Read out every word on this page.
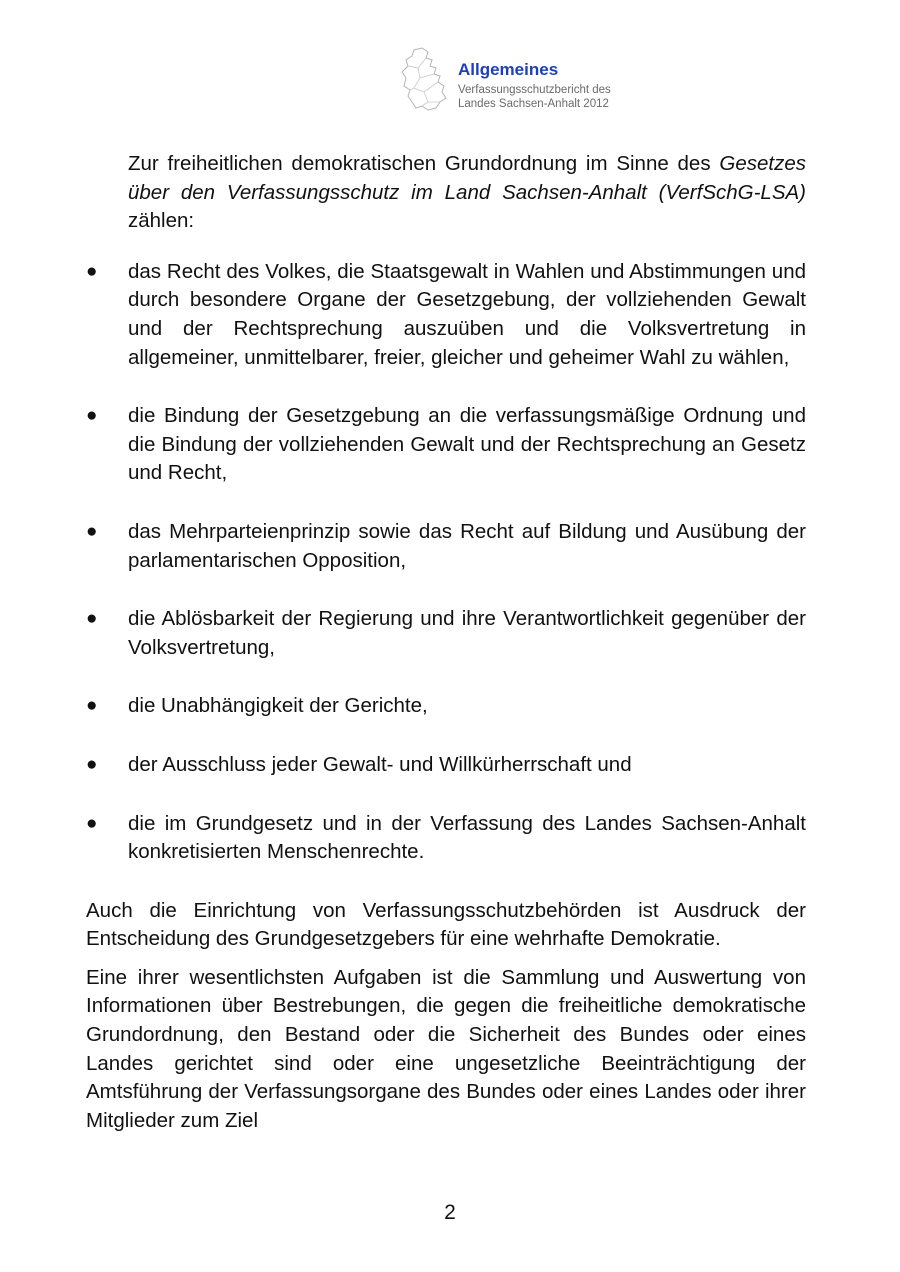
Allgemeines
Verfassungsschutzbericht des
Landes Sachsen-Anhalt 2012

Zur freiheitlichen demokratischen Grundordnung im Sinne des Gesetzes über den Verfassungsschutz im Land Sachsen-Anhalt (VerfSchG-LSA) zählen:

● das Recht des Volkes, die Staatsgewalt in Wahlen und Abstimmungen und durch besondere Organe der Gesetzgebung, der vollziehenden Gewalt und der Rechtsprechung auszuüben und die Volksvertretung in allgemeiner, unmittelbarer, freier, gleicher und geheimer Wahl zu wählen,
● die Bindung der Gesetzgebung an die verfassungsmäßige Ordnung und die Bindung der vollziehenden Gewalt und der Rechtsprechung an Gesetz und Recht,
● das Mehrparteienprinzip sowie das Recht auf Bildung und Ausübung der parlamentarischen Opposition,
● die Ablösbarkeit der Regierung und ihre Verantwortlichkeit gegenüber der Volksvertretung,
● die Unabhängigkeit der Gerichte,
● der Ausschluss jeder Gewalt- und Willkürherrschaft und
● die im Grundgesetz und in der Verfassung des Landes Sachsen-Anhalt konkretisierten Menschenrechte.

Auch die Einrichtung von Verfassungsschutzbehörden ist Ausdruck der Entscheidung des Grundgesetzgebers für eine wehrhafte Demokratie.

Eine ihrer wesentlichsten Aufgaben ist die Sammlung und Auswertung von Informationen über Bestrebungen, die gegen die freiheitliche demokratische Grundordnung, den Bestand oder die Sicherheit des Bundes oder eines Landes gerichtet sind oder eine ungesetzliche Beeinträchtigung der Amtsführung der Verfassungsorgane des Bundes oder eines Landes oder ihrer Mitglieder zum Ziel

2
